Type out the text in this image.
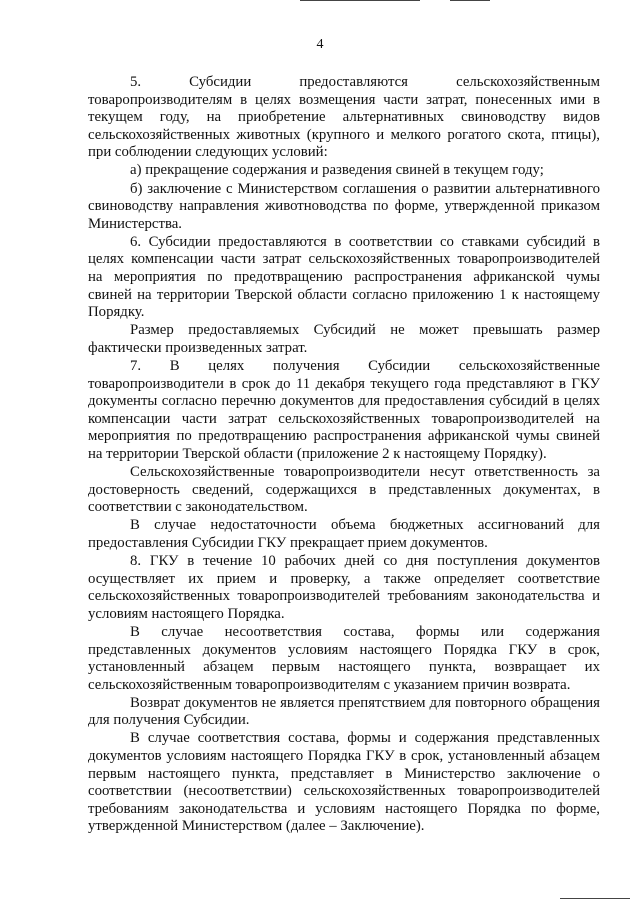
4

5. Субсидии предоставляются сельскохозяйственным товаропроизводителям в целях возмещения части затрат, понесенных ими в текущем году, на приобретение альтернативных свиноводству видов сельскохозяйственных животных (крупного и мелкого рогатого скота, птицы), при соблюдении следующих условий:

а) прекращение содержания и разведения свиней в текущем году;

б) заключение с Министерством соглашения о развитии альтернативного свиноводству направления животноводства по форме, утвержденной приказом Министерства.

6. Субсидии предоставляются в соответствии со ставками субсидий в целях компенсации части затрат сельскохозяйственных товаропроизводителей на мероприятия по предотвращению распространения африканской чумы свиней на территории Тверской области согласно приложению 1 к настоящему Порядку.

Размер предоставляемых Субсидий не может превышать размер фактически произведенных затрат.

7. В целях получения Субсидии сельскохозяйственные товаропроизводители в срок до 11 декабря текущего года представляют в ГКУ документы согласно перечню документов для предоставления субсидий в целях компенсации части затрат сельскохозяйственных товаропроизводителей на мероприятия по предотвращению распространения африканской чумы свиней на территории Тверской области (приложение 2 к настоящему Порядку).

Сельскохозяйственные товаропроизводители несут ответственность за достоверность сведений, содержащихся в представленных документах, в соответствии с законодательством.

В случае недостаточности объема бюджетных ассигнований для предоставления Субсидии ГКУ прекращает прием документов.

8. ГКУ в течение 10 рабочих дней со дня поступления документов осуществляет их прием и проверку, а также определяет соответствие сельскохозяйственных товаропроизводителей требованиям законодательства и условиям настоящего Порядка.

В случае несоответствия состава, формы или содержания представленных документов условиям настоящего Порядка ГКУ в срок, установленный абзацем первым настоящего пункта, возвращает их сельскохозяйственным товаропроизводителям с указанием причин возврата.

Возврат документов не является препятствием для повторного обращения для получения Субсидии.

В случае соответствия состава, формы и содержания представленных документов условиям настоящего Порядка ГКУ в срок, установленный абзацем первым настоящего пункта, представляет в Министерство заключение о соответствии (несоответствии) сельскохозяйственных товаропроизводителей требованиям законодательства и условиям настоящего Порядка по форме, утвержденной Министерством (далее – Заключение).
